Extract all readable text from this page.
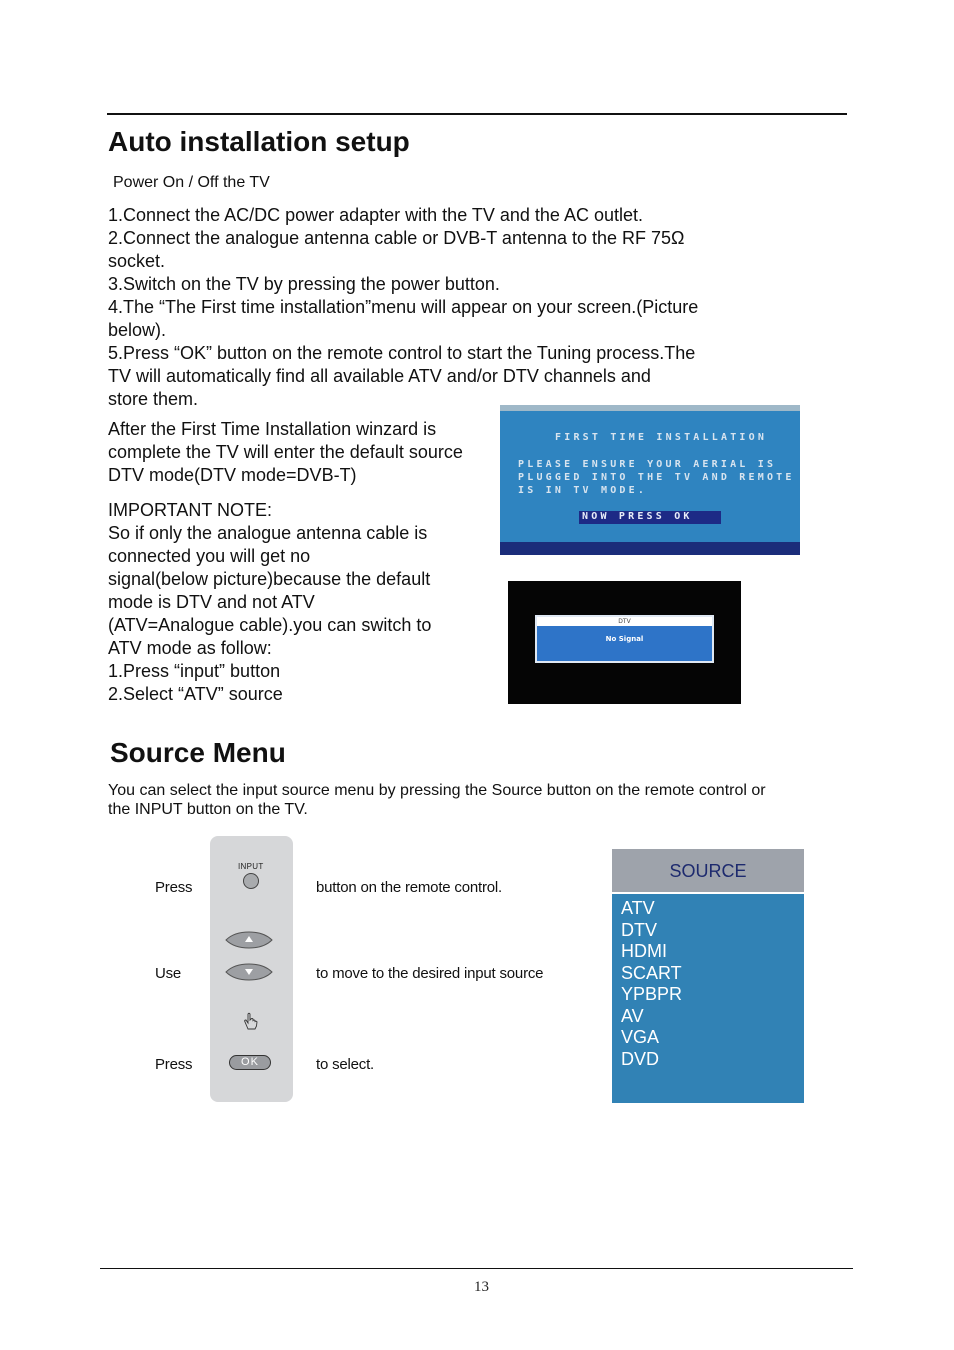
Auto installation setup
Power On / Off the TV
1.Connect the AC/DC power adapter with the TV and the AC outlet.
2.Connect the analogue antenna cable or DVB-T antenna to the RF 75Ω
socket.
3.Switch on the TV by pressing the power button.
4.The “The First time installation”menu will appear on your screen.(Picture
below).
5.Press “OK” button on the remote control to start the Tuning process.The
TV will automatically find all available ATV and/or DTV channels and
store them.
After the First Time Installation winzard is
complete the TV will enter the default source
DTV mode(DTV mode=DVB-T)
IMPORTANT NOTE:
So if only the analogue antenna cable is
connected you will get no
signal(below picture)because the default
mode is DTV and not ATV
(ATV=Analogue cable).you can switch to
ATV mode as follow:
1.Press “input” button
2.Select “ATV” source
FIRST TIME INSTALLATION
PLEASE ENSURE YOUR AERIAL IS
PLUGGED INTO THE TV AND REMOTE
IS IN TV MODE.
NOW PRESS OK
DTV
No Signal
Source Menu
You can select the input source menu by pressing the Source button on the remote control or
the INPUT button on the TV.
Press	button on the remote control.
Use	to move to the desired input source
Press	to select.
INPUT
OK
SOURCE
ATV
DTV
HDMI
SCART
YPBPR
AV
VGA
DVD
13
